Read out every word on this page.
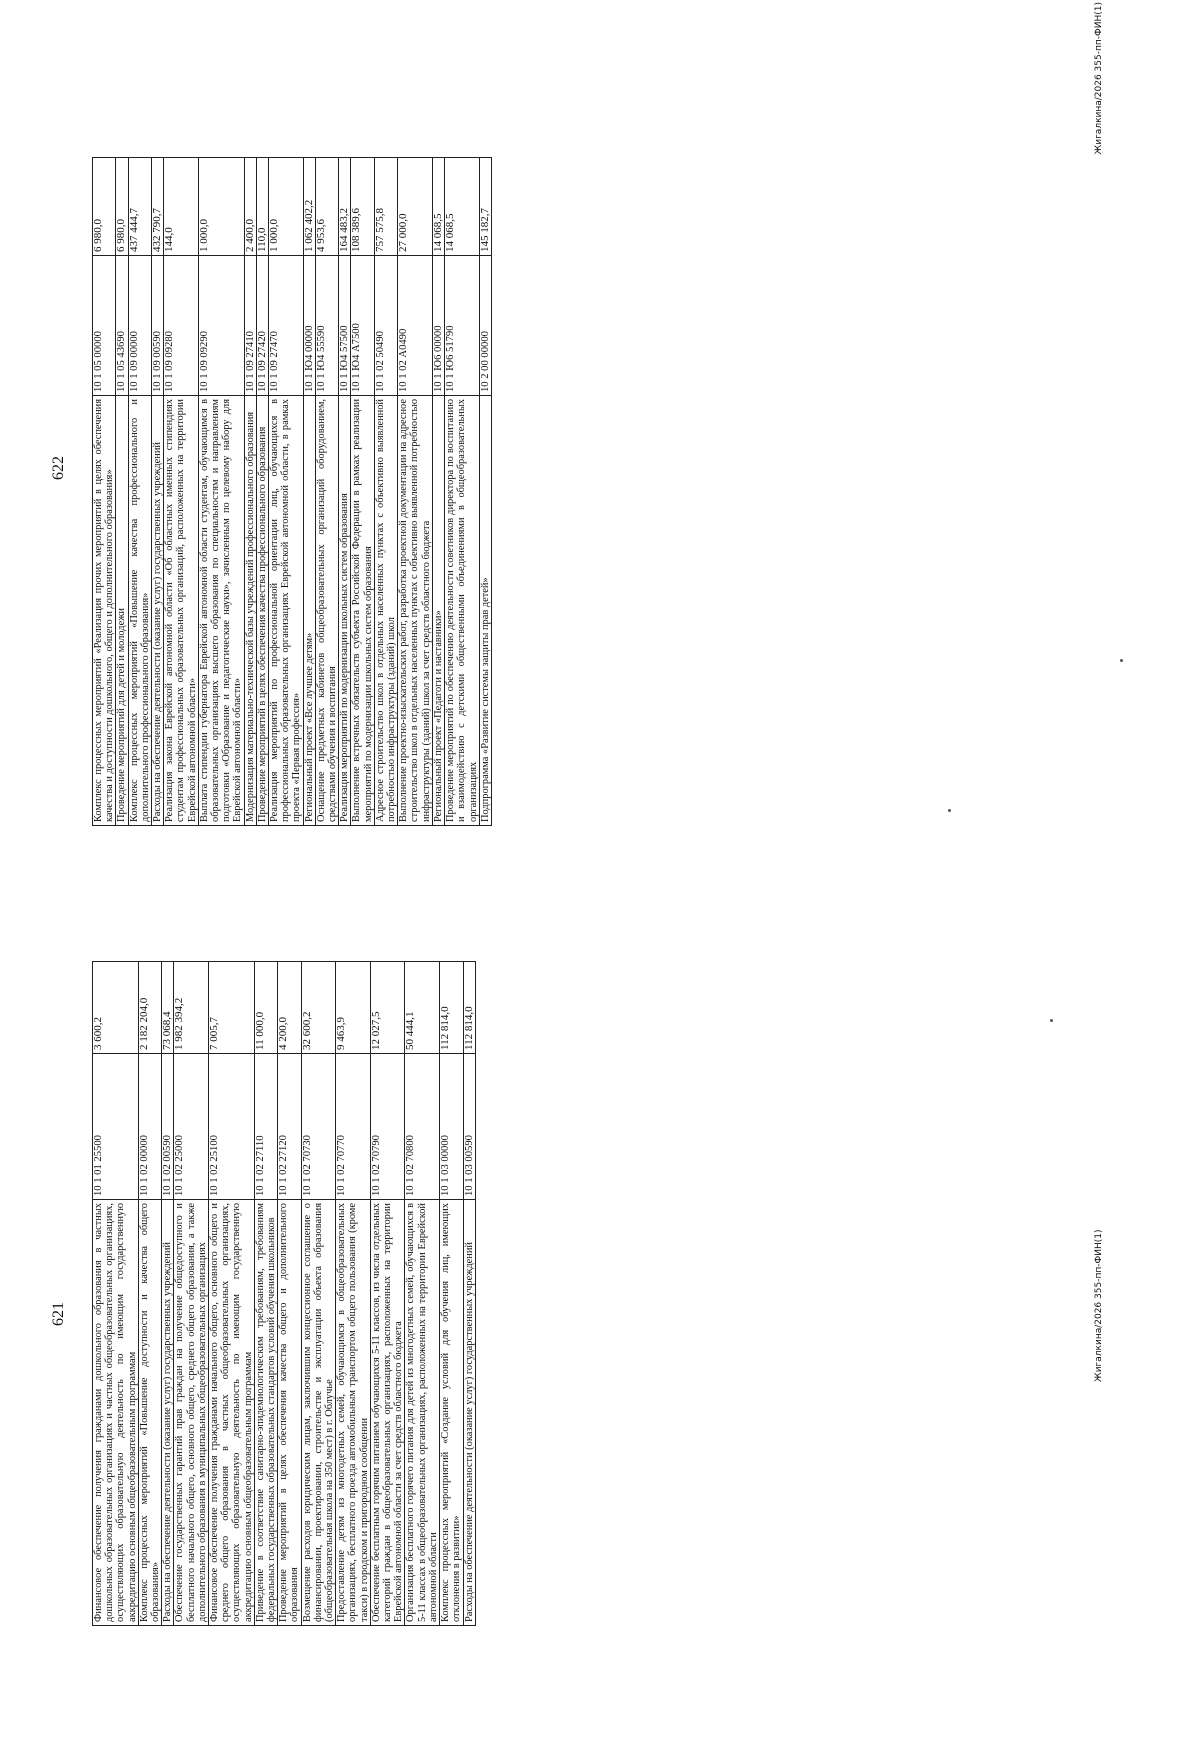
621	Финансовое обеспечение получения гражданами дошкольного образования в частных дошкольных образовательных организациях и частных общеобразовательных организациях, осуществляющих образовательную деятельность по имеющим государственную аккредитацию основным общеобразовательным программам	10 1 01 25500	3 600,2
Комплекс процессных мероприятий «Повышение доступности и качества общего образования»	10 1 02 00000	2 182 204,0
Расходы на обеспечение деятельности (оказание услуг) государственных учреждений	10 1 02 00590	73 068,4
Обеспечение государственных гарантий прав граждан на получение общедоступного и бесплатного начального общего, основного общего, среднего общего образования, а также дополнительного образования в муниципальных общеобразовательных организациях	10 1 02 25000	1 982 394,2
Финансовое обеспечение получения гражданами начального общего, основного общего и среднего общего образования в частных общеобразовательных организациях, осуществляющих образовательную деятельность по имеющим государственную аккредитацию основным общеобразовательным программам	10 1 02 25100	7 005,7
Приведение в соответствие санитарно-эпидемиологическим требованиям, требованиям федеральных государственных образовательных стандартов условий обучения школьников	10 1 02 27110	11 000,0
Проведение мероприятий в целях обеспечения качества общего и дополнительного образования	10 1 02 27120	4 200,0
Возмещение расходов юридическим лицам, заключившим концессионное соглашение о финансировании, проектировании, строительстве и эксплуатации объекта образования (общеобразовательная школа на 350 мест) в г. Облучье	10 1 02 70730	32 600,2
Предоставление детям из многодетных семей, обучающимся в общеобразовательных организациях, бесплатного проезда автомобильным транспортом общего пользования (кроме такси) в городском и пригородном сообщении	10 1 02 70770	9 463,9
Обеспечение бесплатным горячим питанием обучающихся 5-11 классов, из числа отдельных категорий граждан в общеобразовательных организациях, расположенных на территории Еврейской автономной области за счет средств областного бюджета	10 1 02 70790	12 027,5
Организация бесплатного горячего питания для детей из многодетных семей, обучающихся в 5-11 классах в общеобразовательных организациях, расположенных на территории Еврейской автономной области	10 1 02 70800	50 444,1
Комплекс процессных мероприятий «Создание условий для обучения лиц, имеющих отклонения в развитии»	10 1 03 00000	112 814,0
Расходы на обеспечение деятельности (оказание услуг) государственных учреждений	10 1 03 00590	112 814,0
Жигалкина/2026 355-пп-ФИН(1)
622	Комплекс процессных мероприятий «Реализация прочих мероприятий в целях обеспечения качества и доступности дошкольного, общего и дополнительного образования»	10 1 05 00000	6 980,0
Проведение мероприятий для детей и молодежи	10 1 05 43690	6 980,0
Комплекс процессных мероприятий «Повышение качества профессионального и дополнительного профессионального образования»	10 1 09 00000	437 444,7
Расходы на обеспечение деятельности (оказание услуг) государственных учреждений	10 1 09 00590	432 790,7
Реализация закона Еврейской автономной области «Об областных именных стипендиях студентам профессиональных образовательных организаций, расположенных на территории Еврейской автономной области»	10 1 09 09280	144,0
Выплата стипендии губернатора Еврейской автономной области студентам, обучающимся в образовательных организациях высшего образования по специальностям и направлениям подготовки «Образование и педагогические науки», зачисленным по целевому набору для Еврейской автономной области»	10 1 09 09290	1 000,0
Модернизация материально-технической базы учреждений профессионального образования	10 1 09 27410	2 400,0
Проведение мероприятий в целях обеспечения качества профессионального образования	10 1 09 27420	110,0
Реализация мероприятий по профессиональной ориентации лиц, обучающихся в профессиональных образовательных организациях Еврейской автономной области, в рамках проекта «Первая профессия»	10 1 09 27470	1 000,0
Региональный проект «Все лучшее детям»	10 1 Ю4 00000	1 062 402,2
Оснащение предметных кабинетов общеобразовательных организаций оборудованием, средствами обучения и воспитания	10 1 Ю4 55590	4 953,6
Реализация мероприятий по модернизации школьных систем образования	10 1 Ю4 57500	164 483,2
Выполнение встречных обязательств субъекта Российской Федерации в рамках реализации мероприятий по модернизации школьных систем образования	10 1 Ю4 А7500	108 389,6
Адресное строительство школ в отдельных населенных пунктах с объективно выявленной потребностью инфраструктуры (зданий) школ	10 1 02 50490	757 575,8
Выполнение проектно-изыскательских работ, разработка проектной документации на адресное строительство школ в отдельных населенных пунктах с объективно выявленной потребностью инфраструктуры (зданий) школ за счет средств областного бюджета	10 1 02 А0490	27 000,0
Региональный проект «Педагоги и наставники»	10 1 Ю6 00000	14 068,5
Проведение мероприятий по обеспечению деятельности советников директора по воспитанию и взаимодействию с детскими общественными объединениями в общеобразовательных организациях	10 1 Ю6 51790	14 068,5
Подпрограмма «Развитие системы защиты прав детей»	10 2 00 00000	145 182,7
Жигалкина/2026 355-пп-ФИН(1)
